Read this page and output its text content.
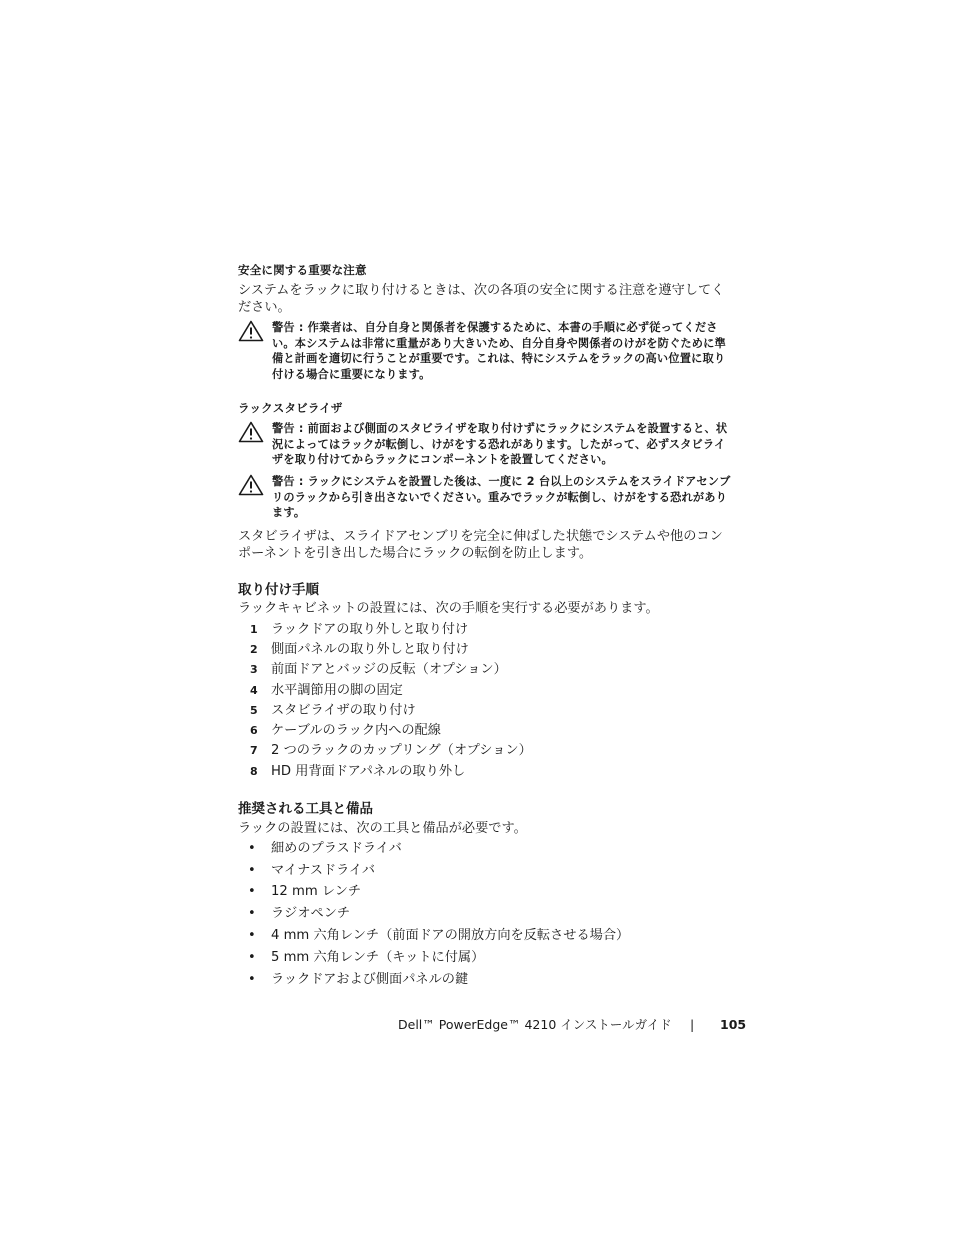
安全に関する重要な注意
システムをラックに取り付けるときは、次の各項の安全に関する注意を遵守してください。
警告 : 作業者は、自分自身と関係者を保護するために、本書の手順に必ず従ってください。本システムは非常に重量があり大きいため、自分自身や関係者のけがを防ぐために準備と計画を適切に行うことが重要です。これは、特にシステムをラックの高い位置に取り付ける場合に重要になります。
ラックスタビライザ
警告 : 前面および側面のスタビライザを取り付けずにラックにシステムを設置すると、状況によってはラックが転倒し、けがをする恐れがあります。したがって、必ずスタビライザを取り付けてからラックにコンポーネントを設置してください。
警告 : ラックにシステムを設置した後は、一度に 2 台以上のシステムをスライドアセンブリのラックから引き出さないでください。重みでラックが転倒し、けがをする恐れがあります。
スタビライザは、スライドアセンブリを完全に伸ばした状態でシステムや他のコンポーネントを引き出した場合にラックの転倒を防止します。
取り付け手順
ラックキャビネットの設置には、次の手順を実行する必要があります。
1	ラックドアの取り外しと取り付け
2	側面パネルの取り外しと取り付け
3	前面ドアとバッジの反転（オプション）
4	水平調節用の脚の固定
5	スタビライザの取り付け
6	ケーブルのラック内への配線
7	2 つのラックのカップリング（オプション）
8	HD 用背面ドアパネルの取り外し
推奨される工具と備品
ラックの設置には、次の工具と備品が必要です。
•	細めのプラスドライバ
•	マイナスドライバ
•	12 mm レンチ
•	ラジオペンチ
•	4 mm 六角レンチ（前面ドアの開放方向を反転させる場合）
•	5 mm 六角レンチ（キットに付属）
•	ラックドアおよび側面パネルの鍵
Dell™ PowerEdge™ 4210 インストールガイド | 105
